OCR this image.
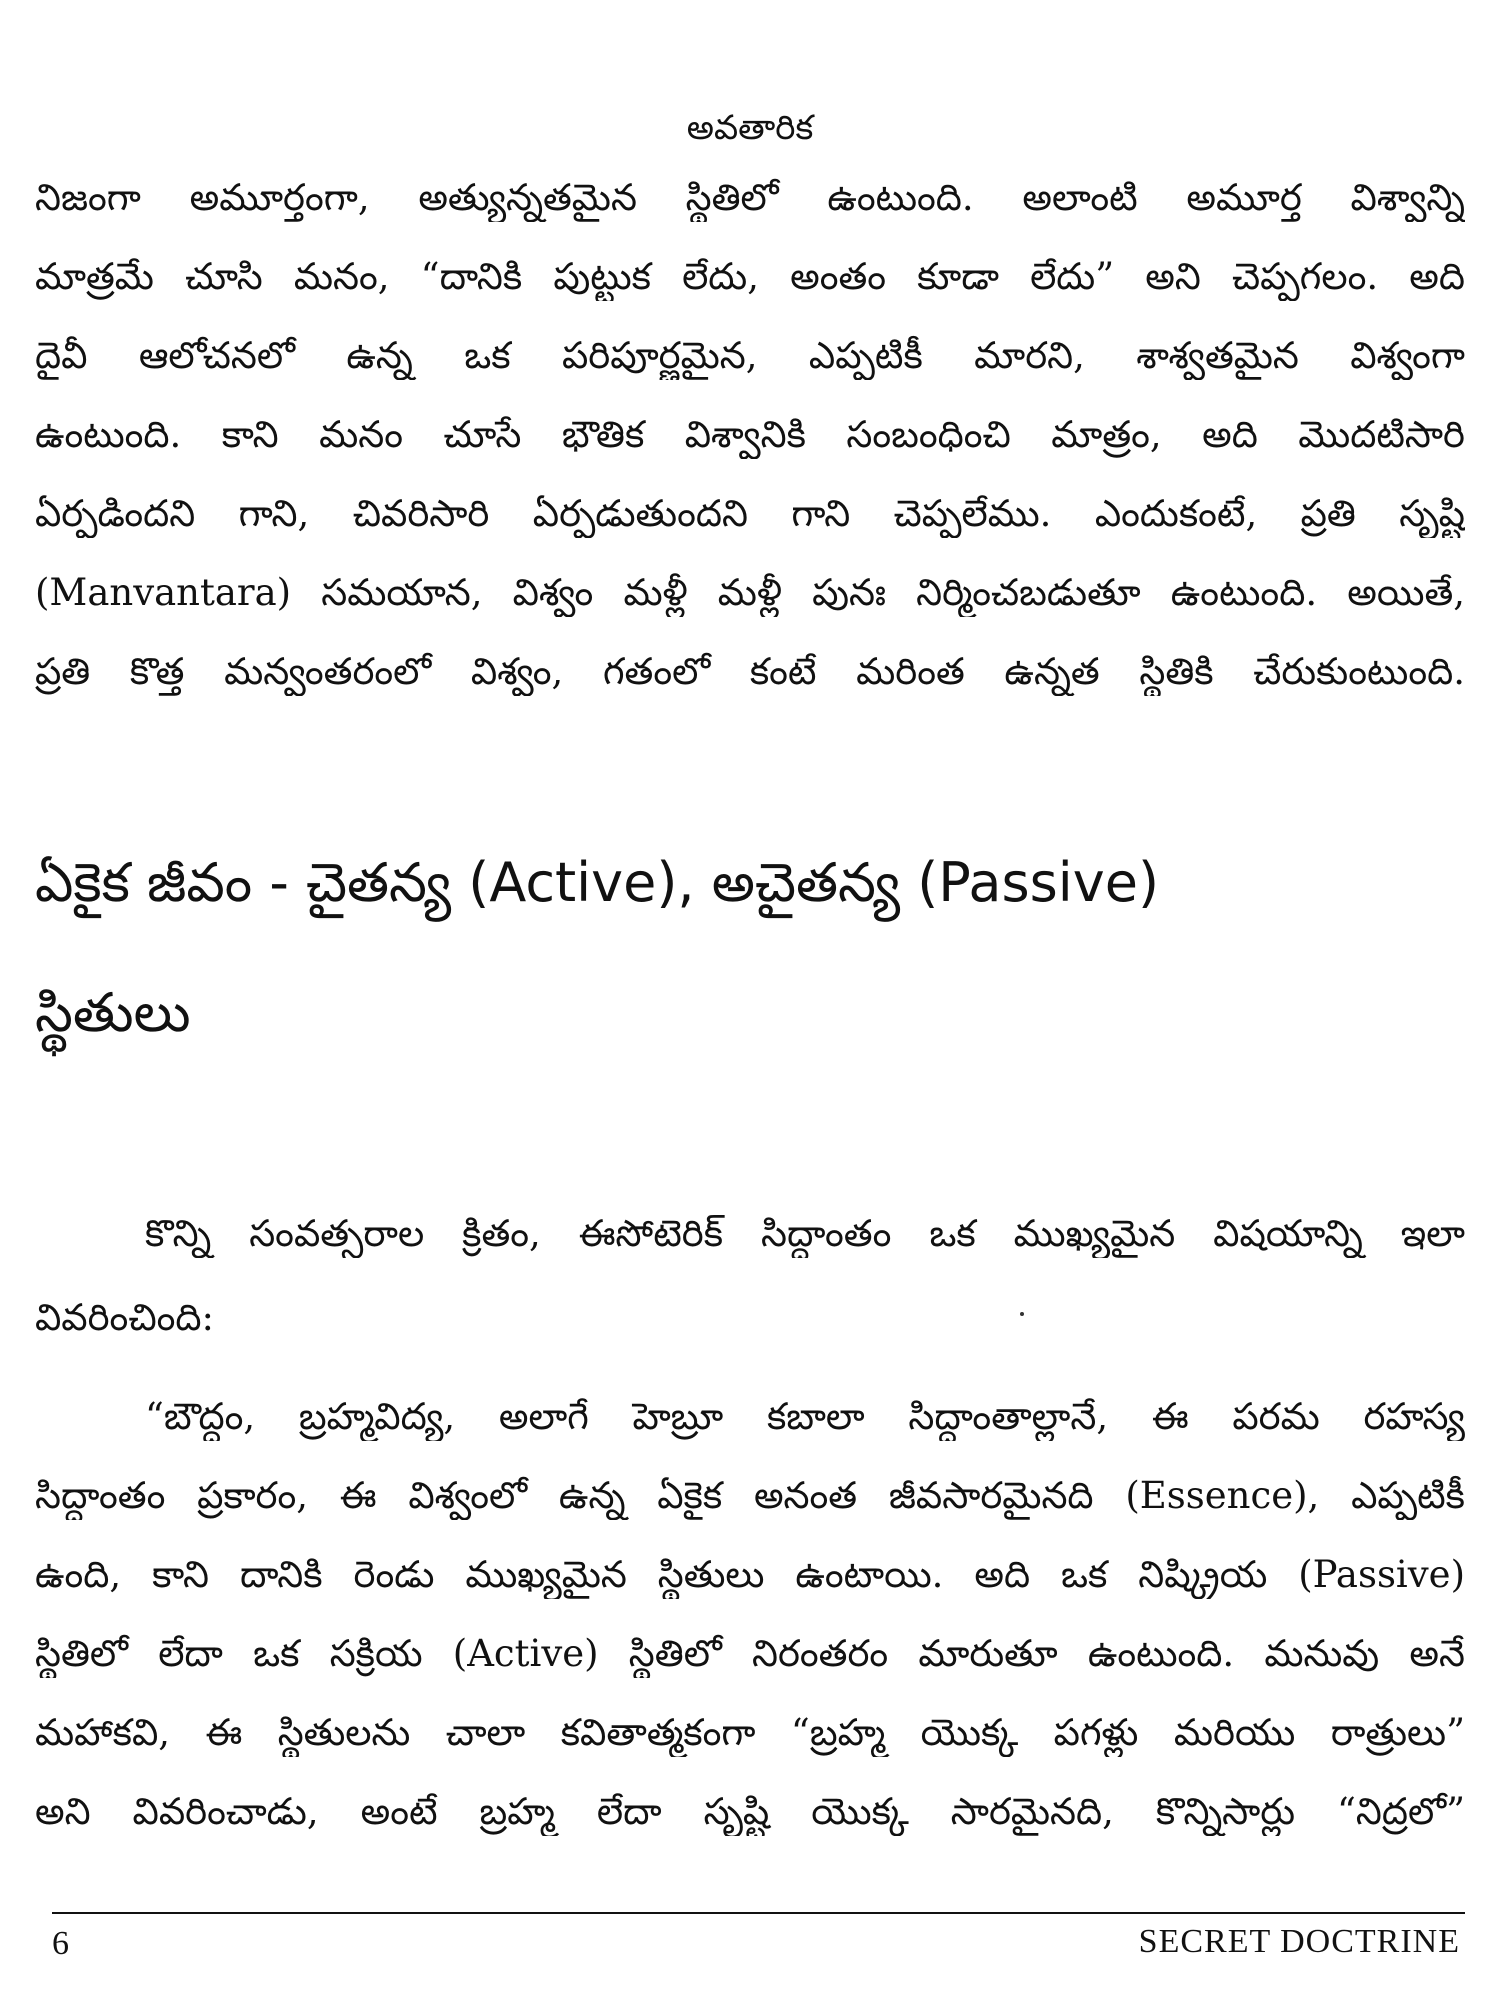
అవతారిక
నిజంగా అమూర్తంగా, అత్యున్నతమైన స్థితిలో ఉంటుంది. అలాంటి అమూర్త విశ్వాన్ని
మాత్రమే చూసి మనం, “దానికి పుట్టుక లేదు, అంతం కూడా లేదు” అని చెప్పగలం. అది
దైవీ ఆలోచనలో ఉన్న ఒక పరిపూర్ణమైన, ఎప్పటికీ మారని, శాశ్వతమైన విశ్వంగా
ఉంటుంది. కాని మనం చూసే భౌతిక విశ్వానికి సంబంధించి మాత్రం, అది మొదటిసారి
ఏర్పడిందని గాని, చివరిసారి ఏర్పడుతుందని గాని చెప్పలేము. ఎందుకంటే, ప్రతి సృష్టి
(Manvantara) సమయాన, విశ్వం మళ్లీ మళ్లీ పునః నిర్మించబడుతూ ఉంటుంది. అయితే,
ప్రతి కొత్త మన్వంతరంలో విశ్వం, గతంలో కంటే మరింత ఉన్నత స్థితికి చేరుకుంటుంది.
ఏకైక జీవం - చైతన్య (Active), అచైతన్య (Passive)
స్థితులు
కొన్ని సంవత్సరాల క్రితం, ఈసోటెరిక్ సిద్ధాంతం ఒక ముఖ్యమైన విషయాన్ని ఇలా
వివరించింది:
“బౌద్ధం, బ్రహ్మవిద్య, అలాగే హెబ్రూ కబాలా సిద్ధాంతాల్లానే, ఈ పరమ రహస్య
సిద్ధాంతం ప్రకారం, ఈ విశ్వంలో ఉన్న ఏకైక అనంత జీవసారమైనది (Essence), ఎప్పటికీ
ఉంది, కాని దానికి రెండు ముఖ్యమైన స్థితులు ఉంటాయి. అది ఒక నిష్క్రియ (Passive)
స్థితిలో లేదా ఒక సక్రియ (Active) స్థితిలో నిరంతరం మారుతూ ఉంటుంది. మనువు అనే
మహాకవి, ఈ స్థితులను చాలా కవితాత్మకంగా “బ్రహ్మ యొక్క పగళ్లు మరియు రాత్రులు”
అని వివరించాడు, అంటే బ్రహ్మ లేదా సృష్టి యొక్క సారమైనది, కొన్నిసార్లు “నిద్రలో”
6	SECRET DOCTRINE
